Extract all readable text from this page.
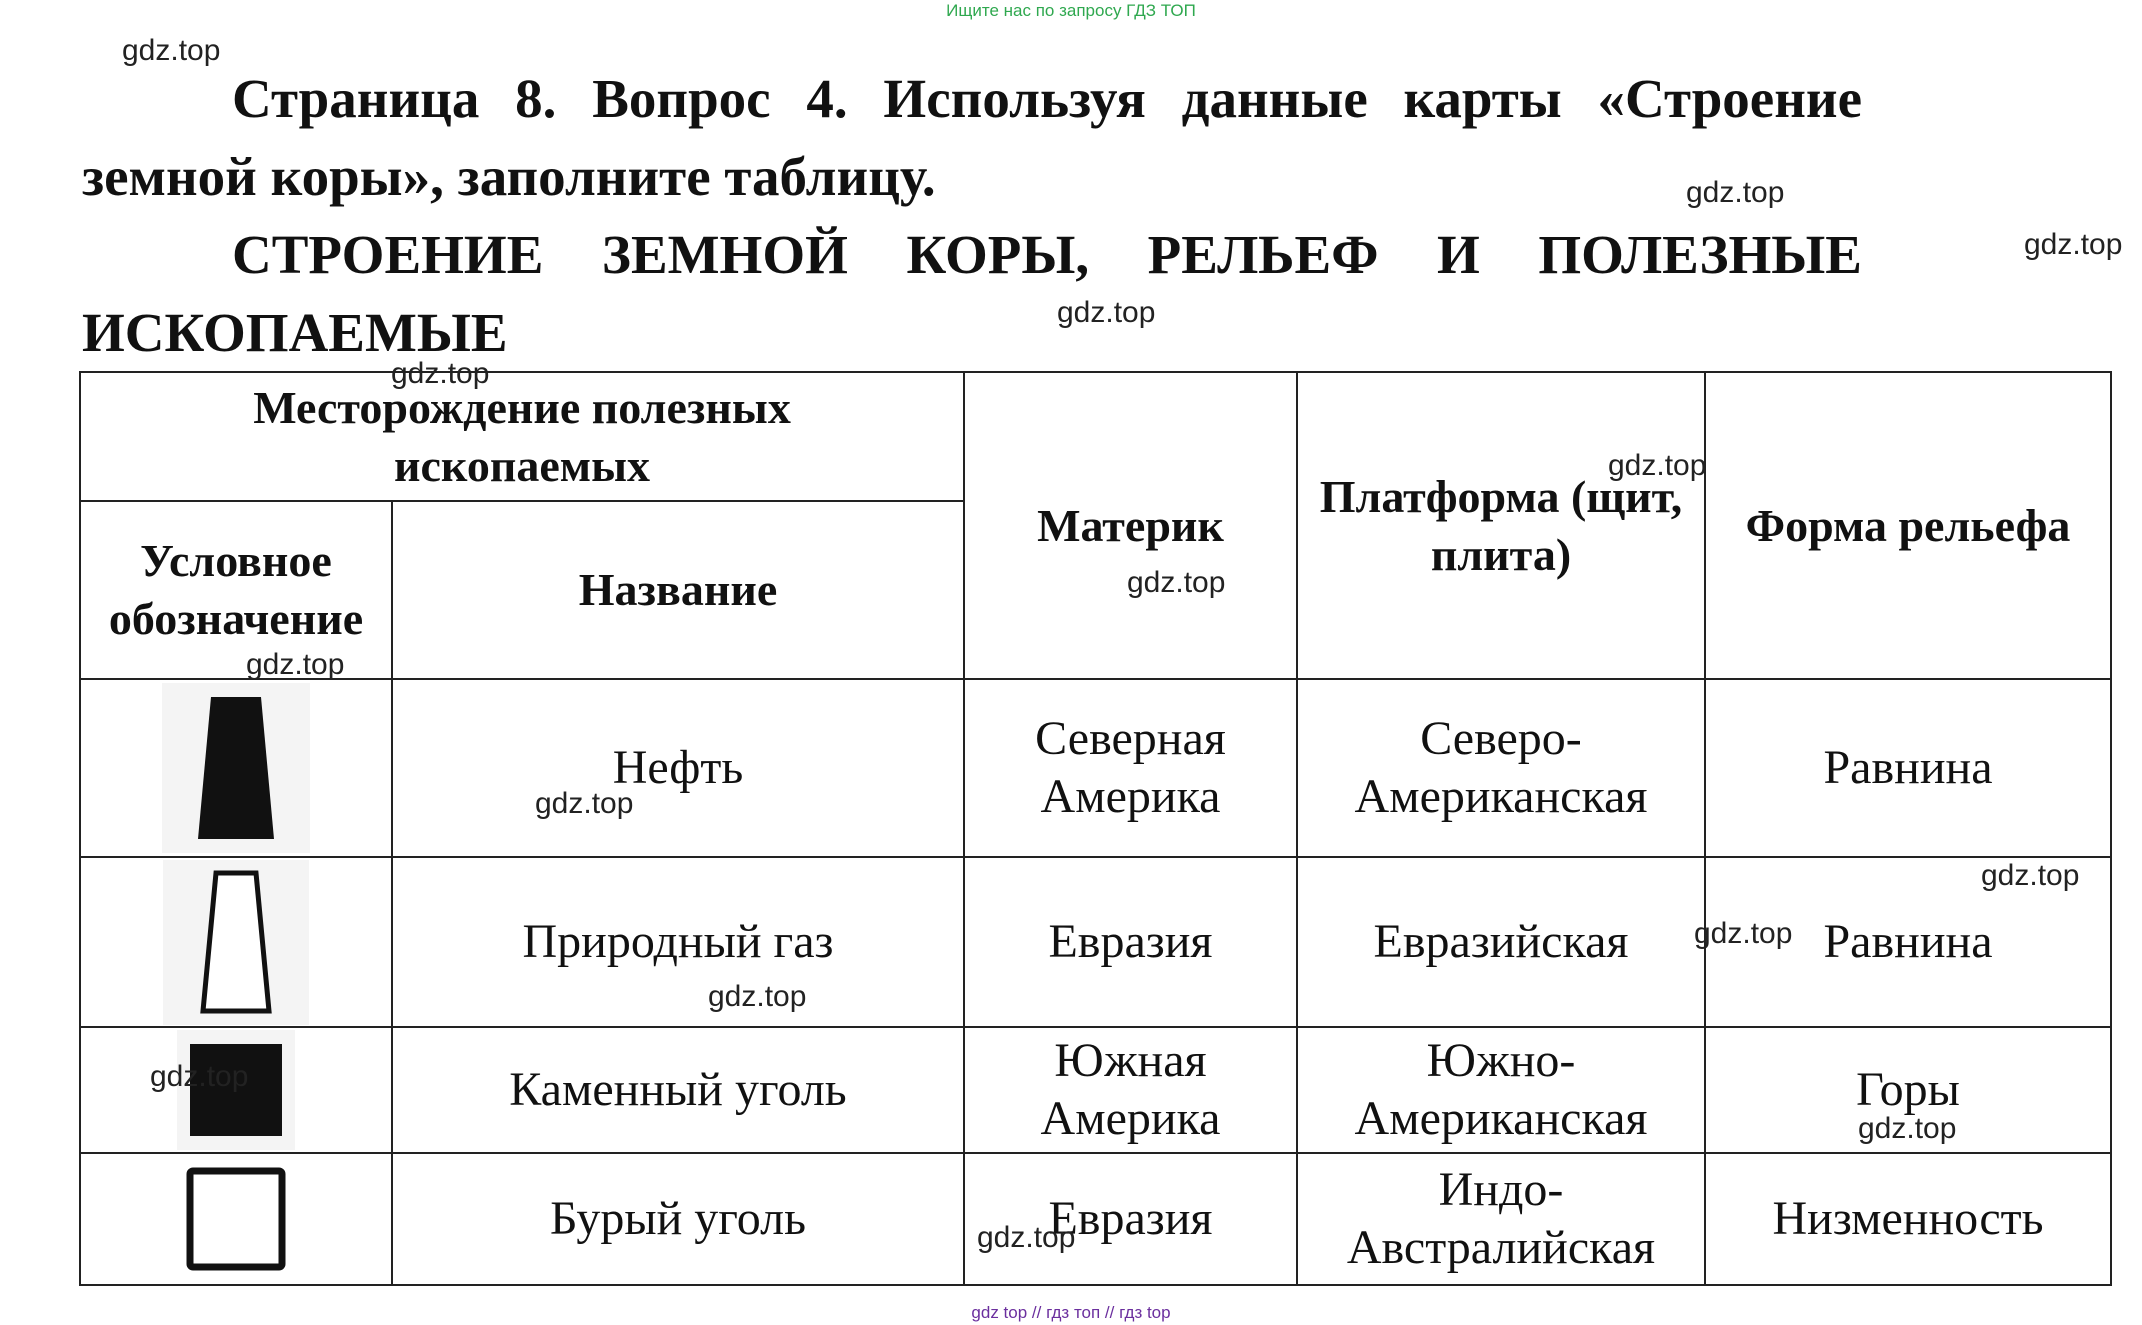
Ищите нас по запросу ГДЗ ТОП

Страница 8. Вопрос 4. Используя данные карты «Строение земной коры», заполните таблицу.

СТРОЕНИЕ ЗЕМНОЙ КОРЫ, РЕЛЬЕФ И ПОЛЕЗНЫЕ ИСКОПАЕМЫЕ

Месторождение полезных ископаемых		Материк	Платформа (щит, плита)	Форма рельефа
Условное обозначение	Название			

	Нефть	Северная Америка	Северо-Американская	Равнина

	Природный газ	Евразия	Евразийская	Равнина

	Каменный уголь	Южная Америка	Южно-Американская	Горы

	Бурый уголь	Евразия	Индо-Австралийская	Низменность
gdz.top
gdz.top
gdz.top
gdz.top
gdz.top
gdz.top
gdz.top
gdz.top
gdz.top
gdz.top
gdz.top
gdz.top
gdz.top
gdz.top
gdz.top
gdz top // гдз топ // гдз top
